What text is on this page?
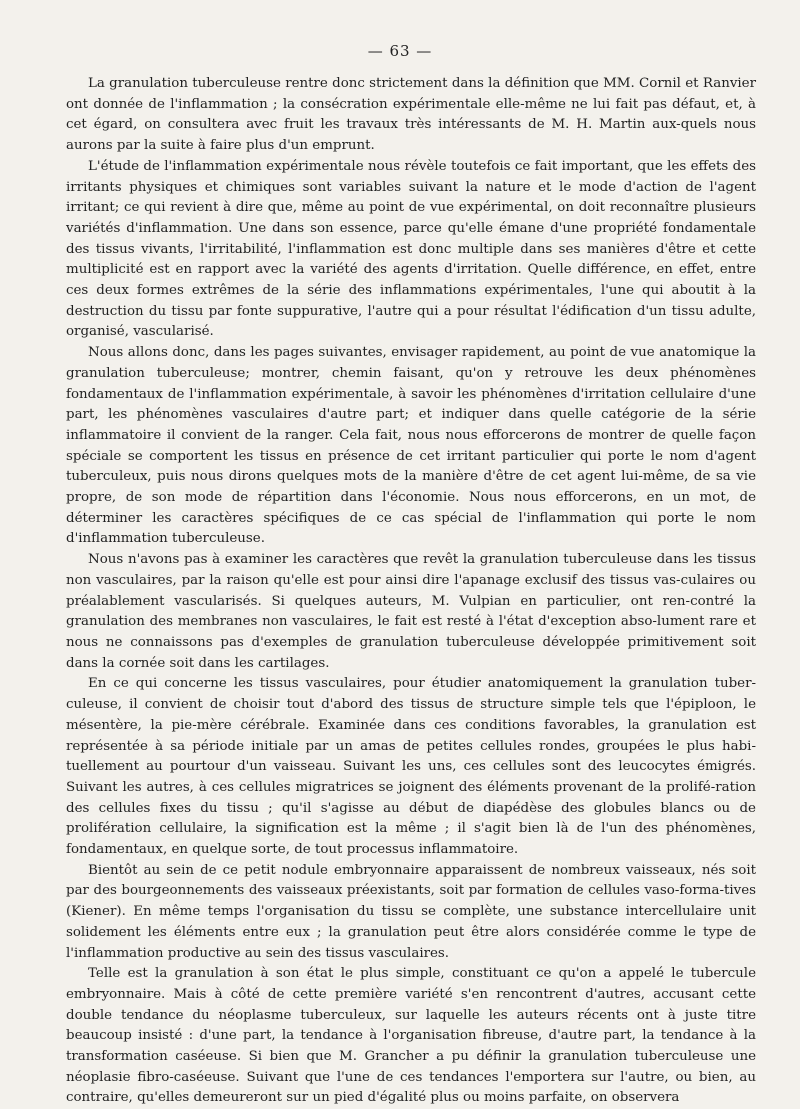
— 63 —

La granulation tuberculeuse rentre donc strictement dans la définition que MM. Cornil et Ranvier ont donnée de l'inflammation ; la consécration expérimentale elle-même ne lui fait pas défaut, et, à cet égard, on consultera avec fruit les travaux très intéressants de M. H. Martin aux-quels nous aurons par la suite à faire plus d'un emprunt.

L'étude de l'inflammation expérimentale nous révèle toutefois ce fait important, que les effets des irritants physiques et chimiques sont variables suivant la nature et le mode d'action de l'agent irritant; ce qui revient à dire que, même au point de vue expérimental, on doit reconnaître plusieurs variétés d'inflammation. Une dans son essence, parce qu'elle émane d'une propriété fondamentale des tissus vivants, l'irritabilité, l'inflammation est donc multiple dans ses manières d'être et cette multiplicité est en rapport avec la variété des agents d'irritation. Quelle différence, en effet, entre ces deux formes extrêmes de la série des inflammations expérimentales, l'une qui aboutit à la destruction du tissu par fonte suppurative, l'autre qui a pour résultat l'édification d'un tissu adulte, organisé, vascularisé.

Nous allons donc, dans les pages suivantes, envisager rapidement, au point de vue anatomique la granulation tuberculeuse; montrer, chemin faisant, qu'on y retrouve les deux phénomènes fondamentaux de l'inflammation expérimentale, à savoir les phénomènes d'irritation cellulaire d'une part, les phénomènes vasculaires d'autre part; et indiquer dans quelle catégorie de la série inflammatoire il convient de la ranger. Cela fait, nous nous efforcerons de montrer de quelle façon spéciale se comportent les tissus en présence de cet irritant particulier qui porte le nom d'agent tuberculeux, puis nous dirons quelques mots de la manière d'être de cet agent lui-même, de sa vie propre, de son mode de répartition dans l'économie. Nous nous efforcerons, en un mot, de déterminer les caractères spécifiques de ce cas spécial de l'inflammation qui porte le nom d'inflammation tuberculeuse.

Nous n'avons pas à examiner les caractères que revêt la granulation tuberculeuse dans les tissus non vasculaires, par la raison qu'elle est pour ainsi dire l'apanage exclusif des tissus vas-culaires ou préalablement vascularisés. Si quelques auteurs, M. Vulpian en particulier, ont ren-contré la granulation des membranes non vasculaires, le fait est resté à l'état d'exception abso-lument rare et nous ne connaissons pas d'exemples de granulation tuberculeuse développée primitivement soit dans la cornée soit dans les cartilages.

En ce qui concerne les tissus vasculaires, pour étudier anatomiquement la granulation tuber-culeuse, il convient de choisir tout d'abord des tissus de structure simple tels que l'épiploon, le mésentère, la pie-mère cérébrale. Examinée dans ces conditions favorables, la granulation est représentée à sa période initiale par un amas de petites cellules rondes, groupées le plus habi-tuellement au pourtour d'un vaisseau. Suivant les uns, ces cellules sont des leucocytes émigrés. Suivant les autres, à ces cellules migratrices se joignent des éléments provenant de la prolifé-ration des cellules fixes du tissu ; qu'il s'agisse au début de diapédèse des globules blancs ou de prolifération cellulaire, la signification est la même ; il s'agit bien là de l'un des phénomènes, fondamentaux, en quelque sorte, de tout processus inflammatoire.

Bientôt au sein de ce petit nodule embryonnaire apparaissent de nombreux vaisseaux, nés soit par des bourgeonnements des vaisseaux préexistants, soit par formation de cellules vaso-forma-tives (Kiener). En même temps l'organisation du tissu se complète, une substance intercellulaire unit solidement les éléments entre eux ; la granulation peut être alors considérée comme le type de l'inflammation productive au sein des tissus vasculaires.

Telle est la granulation à son état le plus simple, constituant ce qu'on a appelé le tubercule embryonnaire. Mais à côté de cette première variété s'en rencontrent d'autres, accusant cette double tendance du néoplasme tuberculeux, sur laquelle les auteurs récents ont à juste titre beaucoup insisté : d'une part, la tendance à l'organisation fibreuse, d'autre part, la tendance à la transformation caséeuse. Si bien que M. Grancher a pu définir la granulation tuberculeuse une néoplasie fibro-caséeuse. Suivant que l'une de ces tendances l'emportera sur l'autre, ou bien, au contraire, qu'elles demeureront sur un pied d'égalité plus ou moins parfaite, on observera
